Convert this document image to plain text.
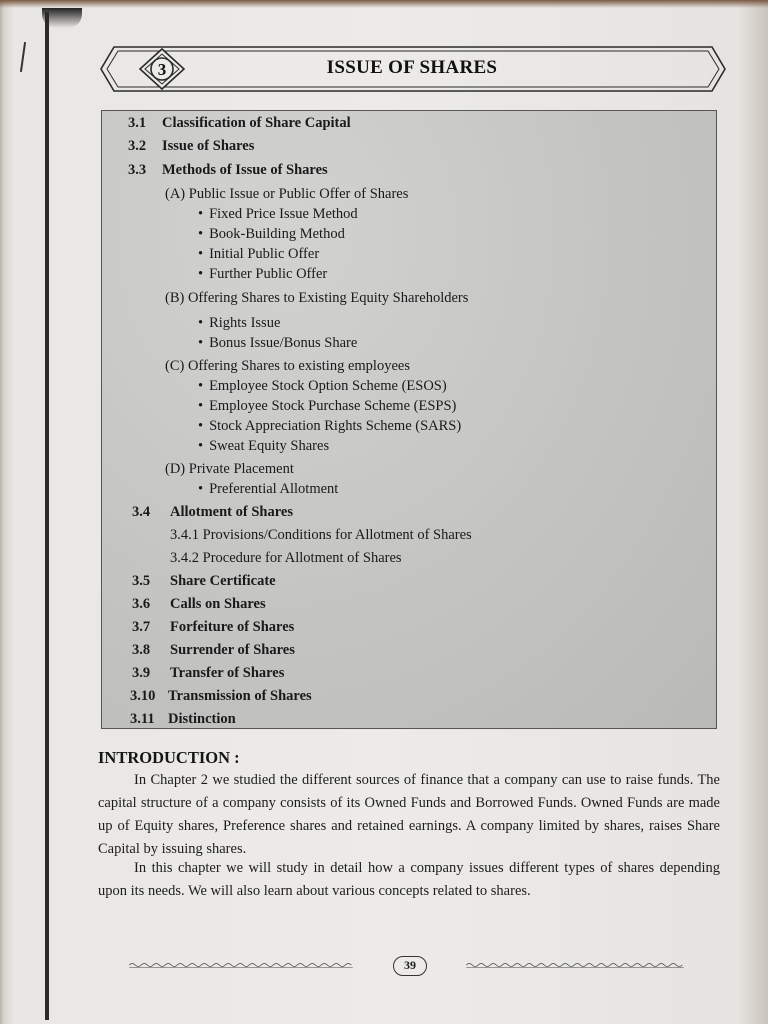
3	ISSUE OF SHARES
3.1 Classification of Share Capital
3.2 Issue of Shares
3.3 Methods of Issue of Shares
(A) Public Issue or Public Offer of Shares
• Fixed Price Issue Method
• Book-Building Method
• Initial Public Offer
• Further Public Offer
(B) Offering Shares to Existing Equity Shareholders
• Rights Issue
• Bonus Issue/Bonus Share
(C) Offering Shares to existing employees
• Employee Stock Option Scheme (ESOS)
• Employee Stock Purchase Scheme (ESPS)
• Stock Appreciation Rights Scheme (SARS)
• Sweat Equity Shares
(D) Private Placement
• Preferential Allotment
3.4 Allotment of Shares
3.4.1 Provisions/Conditions for Allotment of Shares
3.4.2 Procedure for Allotment of Shares
3.5 Share Certificate
3.6 Calls on Shares
3.7 Forfeiture of Shares
3.8 Surrender of Shares
3.9 Transfer of Shares
3.10 Transmission of Shares
3.11 Distinction
INTRODUCTION :

In Chapter 2 we studied the different sources of finance that a company can use to raise funds. The capital structure of a company consists of its Owned Funds and Borrowed Funds. Owned Funds are made up of Equity shares, Preference shares and retained earnings. A company limited by shares, raises Share Capital by issuing shares.

In this chapter we will study in detail how a company issues different types of shares depending upon its needs. We will also learn about various concepts related to shares.

39
